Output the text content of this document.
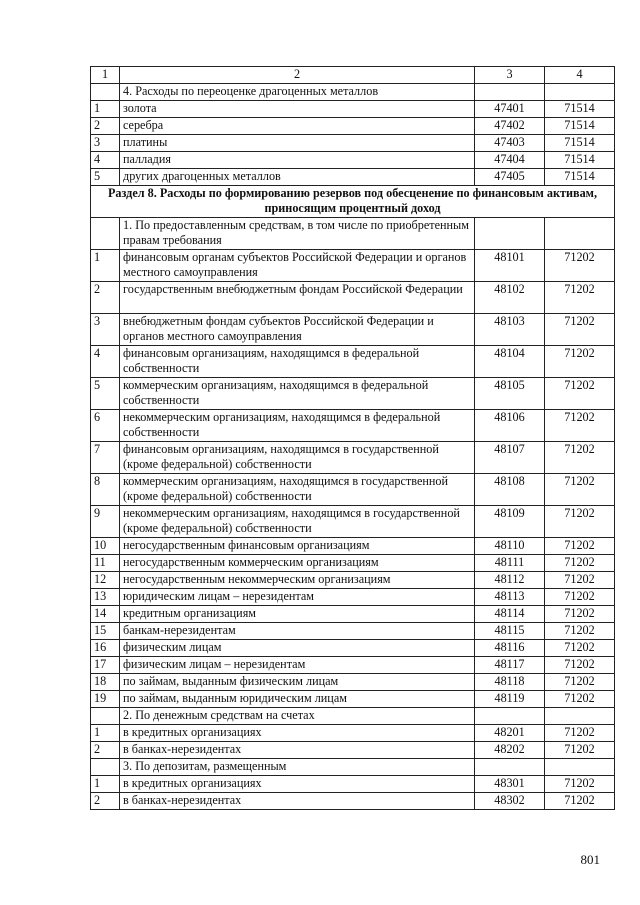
1	2	3	4
	4. Расходы по переоценке драгоценных металлов		
1	золота	47401	71514
2	серебра	47402	71514
3	платины	47403	71514
4	палладия	47404	71514
5	других драгоценных металлов	47405	71514
Раздел 8. Расходы по формированию резервов под обесценение по финансовым активам, приносящим процентный доход			
	1. По предоставленным средствам, в том числе по приобретенным правам требования		
1	финансовым органам субъектов Российской Федерации и органов местного самоуправления	48101	71202
2	государственным внебюджетным фондам Российской Федерации	48102	71202
3	внебюджетным фондам субъектов Российской Федерации и органов местного самоуправления	48103	71202
4	финансовым организациям, находящимся в федеральной собственности	48104	71202
5	коммерческим организациям, находящимся в федеральной собственности	48105	71202
6	некоммерческим организациям, находящимся в федеральной собственности	48106	71202
7	финансовым организациям, находящимся в государственной (кроме федеральной) собственности	48107	71202
8	коммерческим организациям, находящимся в государственной (кроме федеральной) собственности	48108	71202
9	некоммерческим организациям, находящимся в государственной (кроме федеральной) собственности	48109	71202
10	негосударственным финансовым организациям	48110	71202
11	негосударственным коммерческим организациям	48111	71202
12	негосударственным некоммерческим организациям	48112	71202
13	юридическим лицам – нерезидентам	48113	71202
14	кредитным организациям	48114	71202
15	банкам-нерезидентам	48115	71202
16	физическим лицам	48116	71202
17	физическим лицам – нерезидентам	48117	71202
18	по займам, выданным физическим лицам	48118	71202
19	по займам, выданным юридическим лицам	48119	71202
	2. По денежным средствам на счетах		
1	в кредитных организациях	48201	71202
2	в банках-нерезидентах	48202	71202
	3. По депозитам, размещенным		
1	в кредитных организациях	48301	71202
2	в банках-нерезидентах	48302	71202
801
